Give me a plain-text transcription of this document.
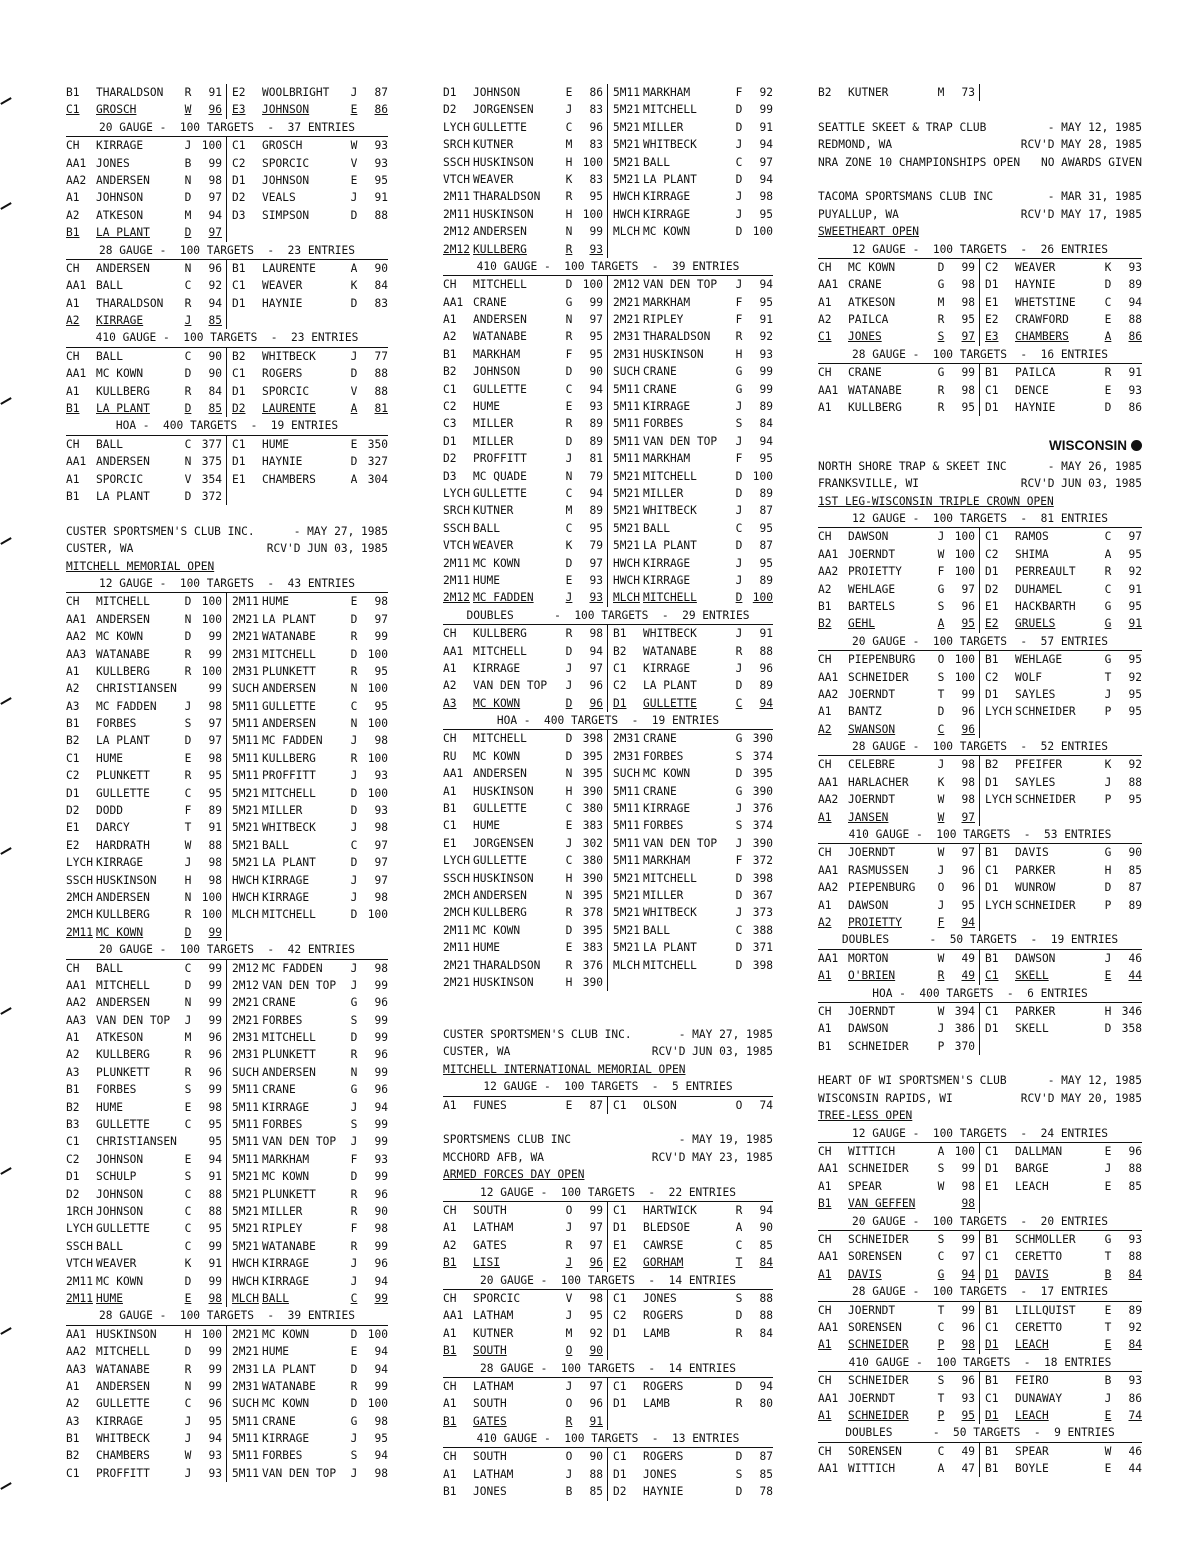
B1	THARALDSON	R	91 E2	WOOLBRIGHT	J	87
C1	GROSCH	W	96 E3	JOHNSON	E	86
20 GAUGE -  100 TARGETS  -  37 ENTRIES
CH	KIRRAGE	J 100 C1	GROSCH	W	93
AA1 JONES	B	99 C2	SPORCIC	V	93
AA2 ANDERSEN	N	98 D1	JOHNSON	E	95
A1	JOHNSON	D	97 D2	VEALS	J	91
A2	ATKESON	M	94 D3	SIMPSON	D	88
B1	LA PLANT	D	97
28 GAUGE -  100 TARGETS  -  23 ENTRIES
CH	ANDERSEN	N	96 B1	LAURENTE	A	90
AA1 BALL	C	92 C1	WEAVER	K	84
A1	THARALDSON	R	94 D1	HAYNIE	D	83
A2	KIRRAGE	J	85
410 GAUGE -  100 TARGETS  -  23 ENTRIES
CH	BALL	C	90 B2	WHITBECK	J	77
AA1 MC KOWN	D	90 C1	ROGERS	D	88
A1	KULLBERG	R	84 D1	SPORCIC	V	88
B1	LA PLANT	D	85 D2	LAURENTE	A	81
HOA -  400 TARGETS  -  19 ENTRIES
CH	BALL	C 377 C1	HUME	E 350
AA1 ANDERSEN	N 375 D1	HAYNIE	D 327
A1	SPORCIC	V 354 E1	CHAMBERS	A 304
B1	LA PLANT	D 372
CUSTER SPORTSMEN'S CLUB INC.	- MAY 27, 1985
CUSTER, WA	RCV'D JUN 03, 1985
MITCHELL MEMORIAL OPEN
12 GAUGE -  100 TARGETS  -  43 ENTRIES
CH	MITCHELL	D 100 2M11 HUME	E	98
AA1 ANDERSEN	N 100 2M21 LA PLANT	D	97
AA2 MC KOWN	D	99 2M21 WATANABE	R	99
AA3 WATANABE	R	99 2M31 MITCHELL	D 100
A1	KULLBERG	R 100 2M31 PLUNKETT	R	95
A2	CHRISTIANSEN	99 SUCH ANDERSEN	N 100
A3	MC FADDEN	J	98 5M11 GULLETTE	C	95
B1	FORBES	S	97 5M11 ANDERSEN	N 100
B2	LA PLANT	D	97 5M11 MC FADDEN	J	98
C1	HUME	E	98 5M11 KULLBERG	R 100
C2	PLUNKETT	R	95 5M11 PROFFITT	J	93
D1	GULLETTE	C	95 5M21 MITCHELL	D 100
D2	DODD	F	89 5M21 MILLER	D	93
E1	DARCY	T	91 5M21 WHITBECK	J	98
E2	HARDRATH	W	88 5M21 BALL	C	97
LYCH KIRRAGE	J	98 5M21 LA PLANT	D	97
SSCH HUSKINSON	H	98 HWCH KIRRAGE	J	97
2MCH ANDERSEN	N 100 HWCH KIRRAGE	J	98
2MCH KULLBERG	R 100 MLCH MITCHELL	D 100
2M11 MC KOWN	D	99
20 GAUGE -  100 TARGETS  -  42 ENTRIES
CH	BALL	C	99 2M12 MC FADDEN	J	98
AA1 MITCHELL	D	99 2M12 VAN DEN TOP	J	99
AA2 ANDERSEN	N	99 2M21 CRANE	G	96
AA3 VAN DEN TOP	J	99 2M21 FORBES	S	99
A1	ATKESON	M	96 2M31 MITCHELL	D	99
A2	KULLBERG	R	96 2M31 PLUNKETT	R	96
A3	PLUNKETT	R	96 SUCH ANDERSEN	N	99
B1	FORBES	S	99 5M11 CRANE	G	96
B2	HUME	E	98 5M11 KIRRAGE	J	94
B3	GULLETTE	C	95 5M11 FORBES	S	99
C1	CHRISTIANSEN	95 5M11 VAN DEN TOP	J	99
C2	JOHNSON	E	94 5M11 MARKHAM	F	93
D1	SCHULP	S	91 5M21 MC KOWN	D	99
D2	JOHNSON	C	88 5M21 PLUNKETT	R	96
1RCH JOHNSON	C	88 5M21 MILLER	R	90
LYCH GULLETTE	C	95 5M21 RIPLEY	F	98
SSCH BALL	C	99 5M21 WATANABE	R	99
VTCH WEAVER	K	91 HWCH KIRRAGE	J	96
2M11 MC KOWN	D	99 HWCH KIRRAGE	J	94
2M11 HUME	E	98 MLCH BALL	C	99
28 GAUGE -  100 TARGETS  -  39 ENTRIES
AA1 HUSKINSON	H 100 2M21 MC KOWN	D 100
AA2 MITCHELL	D	99 2M21 HUME	E	94
AA3 WATANABE	R	99 2M31 LA PLANT	D	94
A1	ANDERSEN	N	99 2M31 WATANABE	R	99
A2	GULLETTE	C	96 SUCH MC KOWN	D 100
A3	KIRRAGE	J	95 5M11 CRANE	G	98
B1	WHITBECK	J	94 5M11 KIRRAGE	J	95
B2	CHAMBERS	W	93 5M11 FORBES	S	94
C1	PROFFITT	J	93 5M11 VAN DEN TOP	J	98
D1	JOHNSON	E	86 5M11 MARKHAM	F	92
D2	JORGENSEN	J	83 5M21 MITCHELL	D	99
LYCH GULLETTE	C	96 5M21 MILLER	D	91
SRCH KUTNER	M	83 5M21 WHITBECK	J	94
SSCH HUSKINSON	H 100 5M21 BALL	C	97
VTCH WEAVER	K	83 5M21 LA PLANT	D	94
2M11 THARALDSON	R	95 HWCH KIRRAGE	J	98
2M11 HUSKINSON	H 100 HWCH KIRRAGE	J	95
2M12 ANDERSEN	N	99 MLCH MC KOWN	D 100
2M12 KULLBERG	R	93
410 GAUGE -  100 TARGETS  -  39 ENTRIES
CH	MITCHELL	D 100 2M12 VAN DEN TOP	J	94
AA1 CRANE	G	99 2M21 MARKHAM	F	95
A1	ANDERSEN	N	97 2M21 RIPLEY	F	91
A2	WATANABE	R	95 2M31 THARALDSON	R	92
B1	MARKHAM	F	95 2M31 HUSKINSON	H	93
B2	JOHNSON	D	90 SUCH CRANE	G	99
C1	GULLETTE	C	94 5M11 CRANE	G	99
C2	HUME	E	93 5M11 KIRRAGE	J	89
C3	MILLER	R	89 5M11 FORBES	S	84
D1	MILLER	D	89 5M11 VAN DEN TOP	J	94
D2	PROFFITT	J	81 5M11 MARKHAM	F	95
D3	MC QUADE	N	79 5M21 MITCHELL	D 100
LYCH GULLETTE	C	94 5M21 MILLER	D	89
SRCH KUTNER	M	89 5M21 WHITBECK	J	87
SSCH BALL	C	95 5M21 BALL	C	95
VTCH WEAVER	K	79 5M21 LA PLANT	D	87
2M11 MC KOWN	D	97 HWCH KIRRAGE	J	95
2M11 HUME	E	93 HWCH KIRRAGE	J	89
2M12 MC FADDEN	J	93 MLCH MITCHELL	D 100
DOUBLES      -  100 TARGETS  -  29 ENTRIES
CH	KULLBERG	R	98 B1	WHITBECK	J	91
AA1 MITCHELL	D	94 B2	WATANABE	R	88
A1	KIRRAGE	J	97 C1	KIRRAGE	J	96
A2	VAN DEN TOP	J	96 C2	LA PLANT	D	89
A3	MC KOWN	D	96 D1	GULLETTE	C	94
HOA -  400 TARGETS  -  19 ENTRIES
CH	MITCHELL	D 398 2M31 CRANE	G 390
RU	MC KOWN	D 395 2M31 FORBES	S 374
AA1 ANDERSEN	N 395 SUCH MC KOWN	D 395
A1	HUSKINSON	H 390 5M11 CRANE	G 390
B1	GULLETTE	C 380 5M11 KIRRAGE	J 376
C1	HUME	E 383 5M11 FORBES	S 374
E1	JORGENSEN	J 302 5M11 VAN DEN TOP	J 390
LYCH GULLETTE	C 380 5M11 MARKHAM	F 372
SSCH HUSKINSON	H 390 5M21 MITCHELL	D 398
2MCH ANDERSEN	N 395 5M21 MILLER	D 367
2MCH KULLBERG	R 378 5M21 WHITBECK	J 373
2M11 MC KOWN	D 395 5M21 BALL	C 388
2M11 HUME	E 383 5M21 LA PLANT	D 371
2M21 THARALDSON	R 376 MLCH MITCHELL	D 398
2M21 HUSKINSON	H 390
CUSTER SPORTSMEN'S CLUB INC.	- MAY 27, 1985
CUSTER, WA	RCV'D JUN 03, 1985
MITCHELL INTERNATIONAL MEMORIAL OPEN
12 GAUGE -  100 TARGETS  -  5 ENTRIES
A1	FUNES	E	87 C1	OLSON	O	74
SPORTSMENS CLUB INC	- MAY 19, 1985
MCCHORD AFB, WA	RCV'D MAY 23, 1985
ARMED FORCES DAY OPEN
12 GAUGE -  100 TARGETS  -  22 ENTRIES
CH	SOUTH	O	99 C1	HARTWICK	R	94
A1	LATHAM	J	97 D1	BLEDSOE	A	90
A2	GATES	R	97 E1	CAWRSE	C	85
B1	LISI	J	96 E2	GORHAM	T	84
20 GAUGE -  100 TARGETS  -  14 ENTRIES
CH	SPORCIC	V	98 C1	JONES	S	88
AA1 LATHAM	J	95 C2	ROGERS	D	88
A1	KUTNER	M	92 D1	LAMB	R	84
B1	SOUTH	O	90
28 GAUGE -  100 TARGETS  -  14 ENTRIES
CH	LATHAM	J	97 C1	ROGERS	D	94
A1	SOUTH	O	96 D1	LAMB	R	80
B1	GATES	R	91
410 GAUGE -  100 TARGETS  -  13 ENTRIES
CH	SOUTH	O	90 C1	ROGERS	D	87
A1	LATHAM	J	88 D1	JONES	S	85
B1	JONES	B	85 D2	HAYNIE	D	78
B2	KUTNER	M	73
SEATTLE SKEET & TRAP CLUB	- MAY 12, 1985
REDMOND, WA	RCV'D MAY 28, 1985
NRA ZONE 10 CHAMPIONSHIPS OPEN NO AWARDS GIVEN
TACOMA SPORTSMANS CLUB INC	- MAR 31, 1985
PUYALLUP, WA	RCV'D MAY 17, 1985
SWEETHEART OPEN
12 GAUGE -  100 TARGETS  -  26 ENTRIES
CH	MC KOWN	D	99 C2	WEAVER	K	93
AA1 CRANE	G	98 D1	HAYNIE	D	89
A1	ATKESON	M	98 E1	WHETSTINE	C	94
A2	PAILCA	R	95 E2	CRAWFORD	E	88
C1	JONES	S	97 E3	CHAMBERS	A	86
28 GAUGE -  100 TARGETS  -  16 ENTRIES
CH	CRANE	G	99 B1	PAILCA	R	91
AA1 WATANABE	R	98 C1	DENCE	E	93
A1	KULLBERG	R	95 D1	HAYNIE	D	86
WISCONSIN
NORTH SHORE TRAP & SKEET INC	- MAY 26, 1985
FRANKSVILLE, WI	RCV'D JUN 03, 1985
1ST LEG-WISCONSIN TRIPLE CROWN OPEN
12 GAUGE -  100 TARGETS  -  81 ENTRIES
CH	DAWSON	J 100 C1	RAMOS	C	97
AA1 JOERNDT	W 100 C2	SHIMA	A	95
AA2 PROIETTY	F 100 D1	PERREAULT	R	92
A2	WEHLAGE	G	97 D2	DUHAMEL	C	91
B1	BARTELS	S	96 E1	HACKBARTH	G	95
B2	GEHL	A	95 E2	GRUELS	G	91
20 GAUGE -  100 TARGETS  -  57 ENTRIES
CH	PIEPENBURG	O 100 B1	WEHLAGE	G	95
AA1 SCHNEIDER	S 100 C2	WOLF	T	92
AA2 JOERNDT	T	99 D1	SAYLES	J	95
A1	BANTZ	D	96 LYCH SCHNEIDER	P	95
A2	SWANSON	C	96
28 GAUGE -  100 TARGETS  -  52 ENTRIES
CH	CELEBRE	J	98 B2	PFEIFER	K	92
AA1 HARLACHER	K	98 D1	SAYLES	J	88
AA2 JOERNDT	W	98 LYCH SCHNEIDER	P	95
A1	JANSEN	W	97
410 GAUGE -  100 TARGETS  -  53 ENTRIES
CH	JOERNDT	W	97 B1	DAVIS	G	90
AA1 RASMUSSEN	J	96 C1	PARKER	H	85
AA2 PIEPENBURG	O	96 D1	WUNROW	D	87
A1	DAWSON	J	95 LYCH SCHNEIDER	P	89
A2	PROIETTY	F	94
DOUBLES      -  50 TARGETS  -  19 ENTRIES
AA1 MORTON	W	49 B1	DAWSON	J	46
A1	O'BRIEN	R	49 C1	SKELL	E	44
HOA -  400 TARGETS  -  6 ENTRIES
CH	JOERNDT	W 394 C1	PARKER	H 346
A1	DAWSON	J 386 D1	SKELL	D 358
B1	SCHNEIDER	P 370
HEART OF WI SPORTSMEN'S CLUB	- MAY 12, 1985
WISCONSIN RAPIDS, WI	RCV'D MAY 20, 1985
TREE-LESS OPEN
12 GAUGE -  100 TARGETS  -  24 ENTRIES
CH	WITTICH	A 100 C1	DALLMAN	E	96
AA1 SCHNEIDER	S	99 D1	BARGE	J	88
A1	SPEAR	W	98 E1	LEACH	E	85
B1	VAN GEFFEN	98
20 GAUGE -  100 TARGETS  -  20 ENTRIES
CH	SCHNEIDER	S	99 B1	SCHMOLLER	G	93
AA1 SORENSEN	C	97 C1	CERETTO	T	88
A1	DAVIS	G	94 D1	DAVIS	B	84
28 GAUGE -  100 TARGETS  -  17 ENTRIES
CH	JOERNDT	T	99 B1	LILLQUIST	E	89
AA1 SORENSEN	C	96 C1	CERETTO	T	92
A1	SCHNEIDER	P	98 D1	LEACH	E	84
410 GAUGE -  100 TARGETS  -  18 ENTRIES
CH	SCHNEIDER	S	96 B1	FEIRO	B	93
AA1 JOERNDT	T	93 C1	DUNAWAY	J	86
A1	SCHNEIDER	P	95 D1	LEACH	E	74
DOUBLES      -  50 TARGETS  -  9 ENTRIES
CH	SORENSEN	C	49 B1	SPEAR	W	46
AA1 WITTICH	A	47 B1	BOYLE	E	44
